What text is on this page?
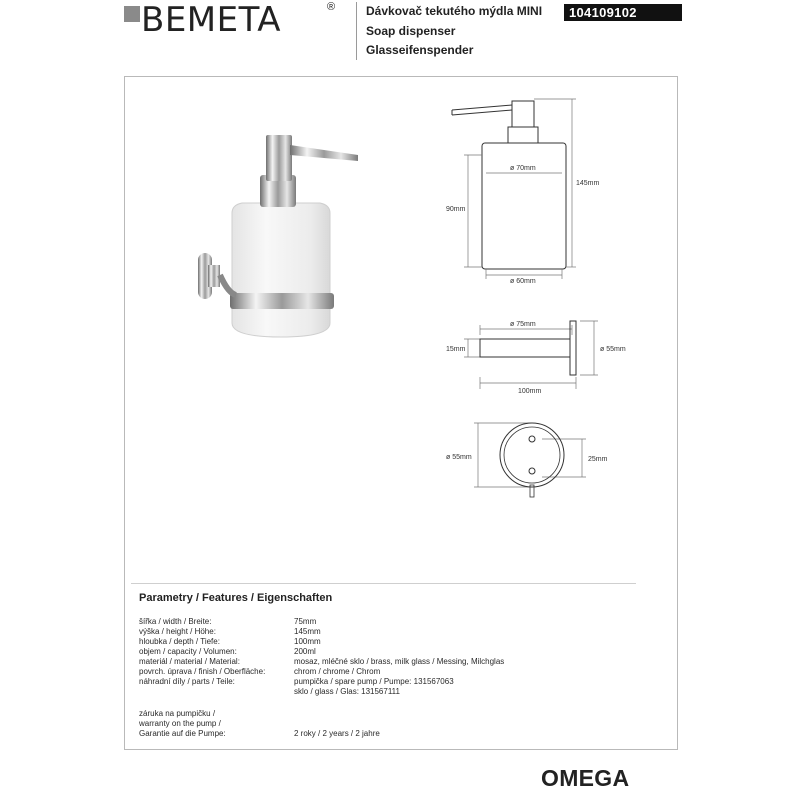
BEMETA	®	Dávkovač tekutého mýdla MINI
Soap dispenser
Glasseifenspender
104109102
ø 70mm
ø 60mm
90mm
145mm
ø 75mm
15mm	ø 55mm
100mm
ø 55mm	25mm
Parametry / Features / Eigenschaften
šířka / width / Breite:	75mm
výška / height / Höhe:	145mm
hloubka / depth / Tiefe:	100mm
objem / capacity / Volumen:	200ml
materiál / material / Material:	mosaz, mléčné sklo / brass, milk glass / Messing, Milchglas
povrch. úprava / finish / Oberfläche:	chrom / chrome / Chrom
náhradní díly / parts / Teile:	pumpička / spare pump / Pumpe: 131567063
sklo / glass / Glas: 131567111
záruka na pumpičku /
warranty on the pump /
Garantie auf die Pumpe:	2 roky / 2 years / 2 jahre
OMEGA
